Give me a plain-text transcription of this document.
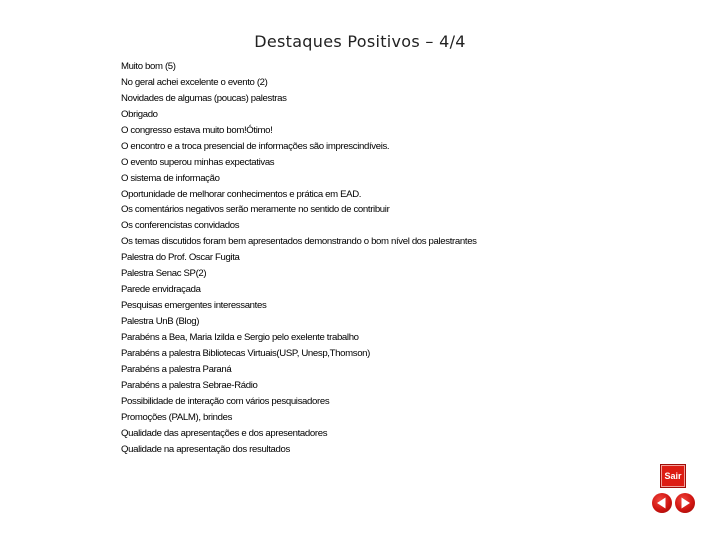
Destaques Positivos – 4/4
Muito bom (5)
No geral achei excelente o evento (2)
Novidades de algumas (poucas) palestras
Obrigado
O congresso estava muito bom!Ótimo!
O encontro e a troca presencial de informações são imprescindíveis.
O evento superou minhas expectativas
O sistema de informação
Oportunidade de melhorar conhecimentos e prática em EAD.
Os comentários negativos serão meramente no sentido de contribuir
Os conferencistas convidados
Os temas discutidos foram bem apresentados demonstrando o bom nível dos palestrantes
Palestra do Prof. Oscar Fugita
Palestra Senac SP(2)
Parede envidraçada
Pesquisas emergentes interessantes
Palestra UnB (Blog)
Parabéns a Bea, Maria Izilda e Sergio pelo exelente trabalho
Parabéns a palestra Bibliotecas Virtuais(USP, Unesp,Thomson)
Parabéns a palestra Paraná
Parabéns a palestra Sebrae-Rádio
Possibilidade de interação com vários pesquisadores
Promoções (PALM), brindes
Qualidade das apresentações e dos apresentadores
Qualidade na apresentação dos resultados
Sair
